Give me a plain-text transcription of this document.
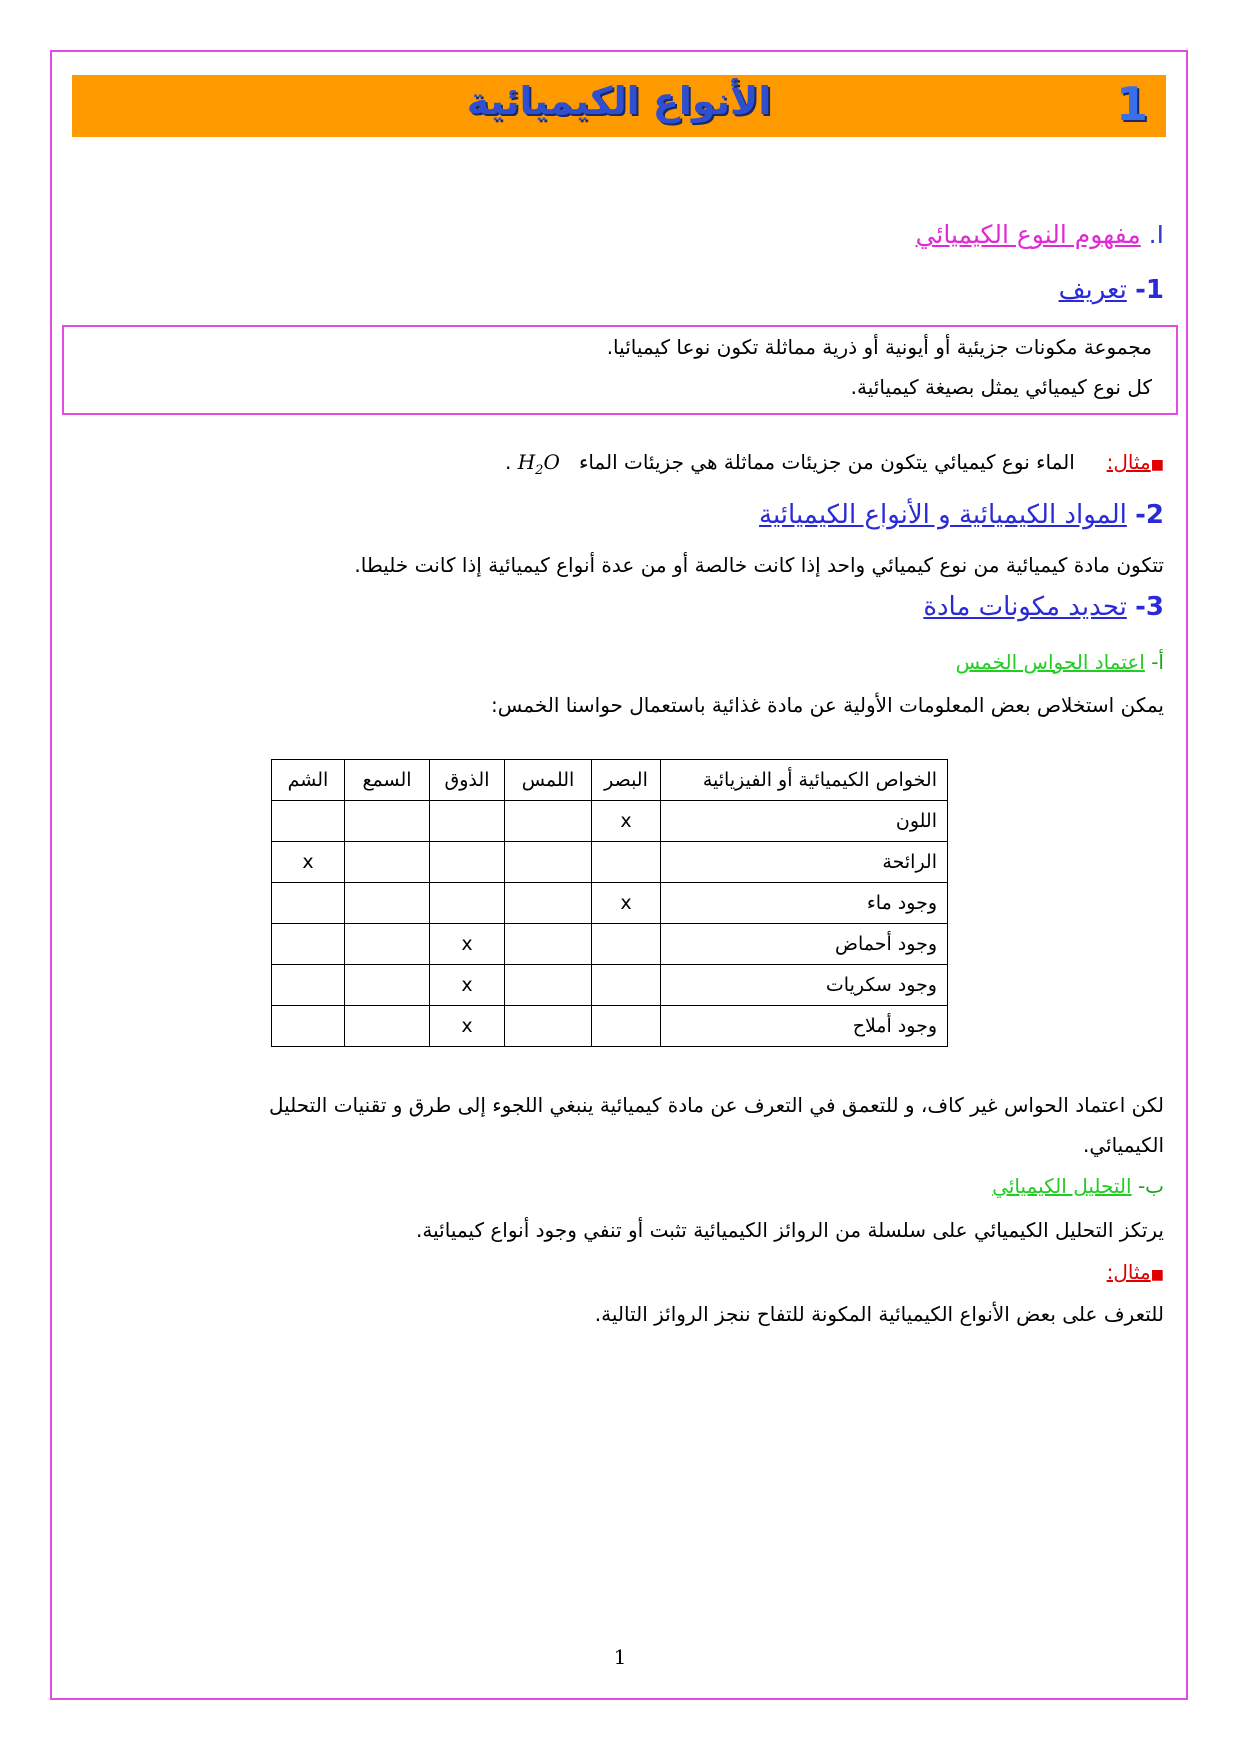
الأنواع الكيميائية	1
I. مفهوم النوع الكيميائي
1- تعريف
مجموعة مكونات جزيئية أو أيونية أو ذرية مماثلة تكون نوعا كيميائيا.
كل نوع كيميائي يمثل بصيغة كيميائية.
■مثال:     الماء نوع كيميائي يتكون من جزيئات مماثلة هي جزيئات الماء   $H_2O$ .
2- المواد الكيميائية و الأنواع الكيميائية
تتكون مادة كيميائية من نوع كيميائي واحد إذا كانت خالصة أو من عدة أنواع كيميائية إذا كانت خليطا.
3- تحديد مكونات مادة
أ- اعتماد الحواس الخمس
يمكن استخلاص بعض المعلومات الأولية عن مادة غذائية باستعمال حواسنا الخمس:
الخواص الكيميائية أو الفيزيائية	البصر	اللمس	الذوق	السمع	الشم
اللون	x				
الرائحة					x
وجود ماء	x				
وجود أحماض			x		
وجود سكريات			x		
وجود أملاح			x		
لكن اعتماد الحواس غير كاف، و للتعمق في التعرف عن مادة كيميائية ينبغي اللجوء إلى طرق و تقنيات التحليل
الكيميائي.
ب- التحليل الكيميائي
يرتكز التحليل الكيميائي على سلسلة من الروائز الكيميائية تثبت أو تنفي وجود أنواع كيميائية.
■مثال:
للتعرف على بعض الأنواع الكيميائية المكونة للتفاح ننجز الروائز التالية.
1
